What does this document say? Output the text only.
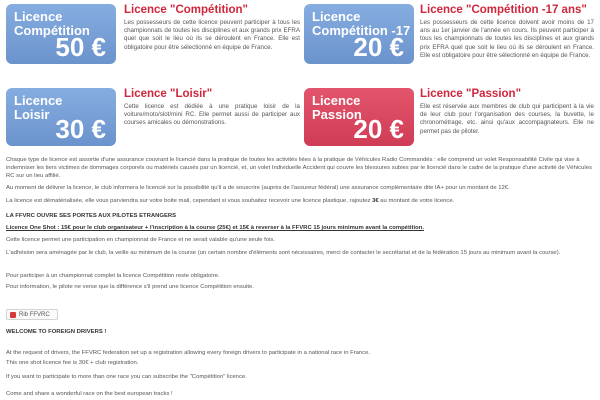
Licence
Compétition
50 €
Licence "Compétition"
Les possesseurs de cette licence peuvent participer à tous les championnats de toutes les disciplines et aux grands prix EFRA quel que soit le lieu où ils se déroulent en France. Elle est obligatoire pour être sélectionné en équipe de France.
Licence
Compétition -17
20 €
Licence "Compétition -17 ans"
Les possesseurs de cette licence doivent avoir moins de 17 ans au 1er janvier de l'année en cours. Ils peuvent participer à tous les championnats de toutes les disciplines et aux grands prix EFRA quel que soit le lieu où ils se déroulent en France. Elle est obligatoire pour être sélectionné en équipe de France.
Licence
Loisir 30 €
Licence "Loisir"
Cette licence est dédiée à une pratique loisir de la voiture/moto/slot/mini RC. Elle permet aussi de participer aux courses amicales ou démonstrations.
Licence
Passion
20 €
Licence "Passion"
Elle est réservée aux membres de club qui participent à la vie de leur club pour l'organisation des courses, la buvette, le chronométrage, etc. ainsi qu'aux accompagnateurs. Elle ne permet pas de piloter.
Chaque type de licence est assortie d'une assurance couvrant le licencié dans la pratique de toutes les activités liées à la pratique de Véhicules Radio Commandés : elle comprend un volet Responsabilité Civile qui vise à indemniser les tiers victimes de dommages corporels ou matériels causés par un licencié, et, un volet Individuelle Accident qui couvre les blessures subies par le licencié dans le cadre de la pratique d'une activité de Véhicules RC sur un lieu affilié.
Au moment de délivrer la licence, le club informera le licencié sur la possibilité qu'il a de souscrire (auprès de l'assureur fédéral) une assurance complémentaire dite IA+ pour un montant de 12€.
La licence est dématérialisée, elle vous parviendra sur votre boite mail, cependant si vous souhaitez recevoir une licence plastique, rajoutez 3€ au montant de votre licence.
LA FFVRC OUVRE SES PORTES AUX PILOTES ETRANGERS
Licence One Shot : 15€ pour le club organisateur + l'inscription à la course (25€) et 15€ à reverser à la FFVRC 15 jours minimum avant la compétition.
Cette licence permet une participation en championnat de France et ne serait valable qu'une seule fois.
L'adhésion sera aménagée par le club, la veille au minimum de la course (un certain nombre d'éléments sont nécessaires, merci de contacter le secrétariat et de la fédération 15 jours au minimum avant la course).
Pour participer à un championnat complet la licence Compétition reste obligatoire.
Pour information, le pilote ne verse que la différence s'il prend une licence Compétition ensuite.
Rib FFVRC
WELCOME TO FOREIGN DRIVERS !
At the request of drivers, the FFVRC federation set up a registration allowing every foreign drivers to participate in a national race in France.
This one shot licence fee is 30€ + club registration.
If you want to participate to more than one race you can subscribe the "Compétition" licence.
Come and share a wonderful race on the best european tracks !
